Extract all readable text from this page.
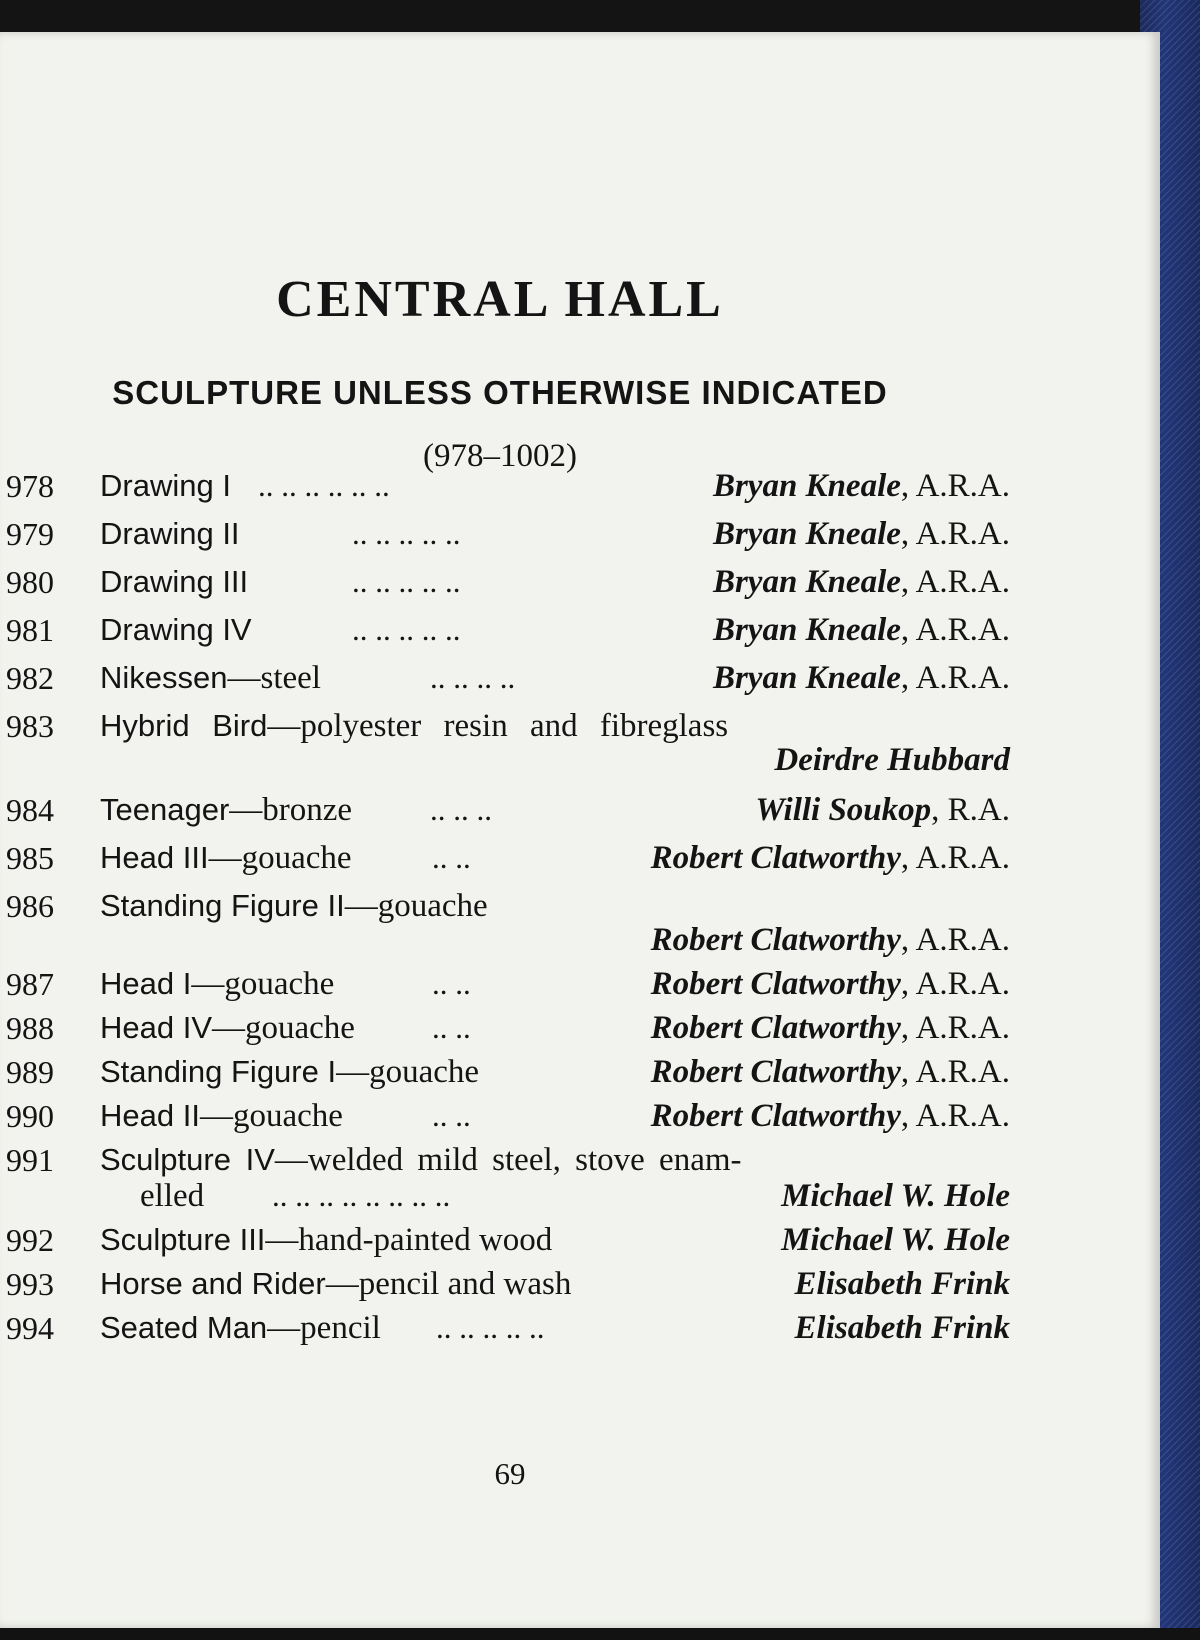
CENTRAL HALL
SCULPTURE UNLESS OTHERWISE INDICATED
(978–1002)
978 Drawing I .. .. .. .. .. ..	Bryan Kneale, A.R.A.
979 Drawing II	.. .. .. .. ..	Bryan Kneale, A.R.A.
980 Drawing III	.. .. .. .. ..	Bryan Kneale, A.R.A.
981 Drawing IV	.. .. .. .. ..	Bryan Kneale, A.R.A.
982 Nikessen—steel	.. .. .. ..	Bryan Kneale, A.R.A.
983 Hybrid Bird—polyester resin and fibreglass
Deirdre Hubbard
984 Teenager—bronze	.. .. ..	Willi Soukop, R.A.
985 Head III—gouache	.. ..	Robert Clatworthy, A.R.A.
986 Standing Figure II—gouache
Robert Clatworthy, A.R.A.
987 Head I—gouache	.. ..	Robert Clatworthy, A.R.A.
988 Head IV—gouache .. ..	Robert Clatworthy, A.R.A.
989 Standing Figure I—gouache	Robert Clatworthy, A.R.A.
990 Head II—gouache	.. ..	Robert Clatworthy, A.R.A.
991 Sculpture IV—welded mild steel, stove enam-
elled .. .. .. .. .. .. .. ..	Michael W. Hole
992 Sculpture III—hand-painted wood	Michael W. Hole
993 Horse and Rider—pencil and wash	Elisabeth Frink
994 Seated Man—pencil .. .. .. .. ..	Elisabeth Frink
69
